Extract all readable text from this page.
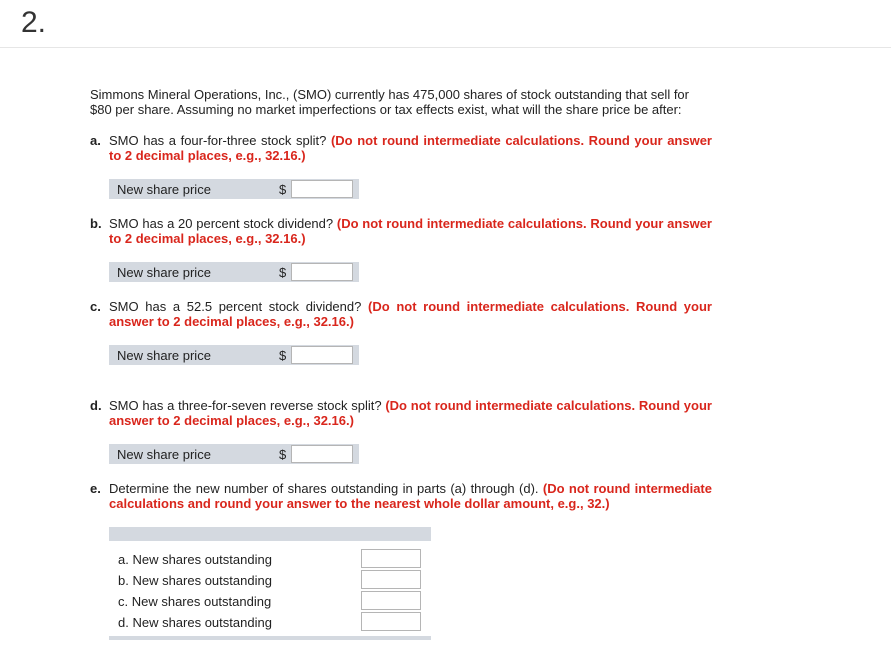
2.
Simmons Mineral Operations, Inc., (SMO) currently has 475,000 shares of stock outstanding that sell for $80 per share. Assuming no market imperfections or tax effects exist, what will the share price be after:
a. SMO has a four-for-three stock split? (Do not round intermediate calculations. Round your answer to 2 decimal places, e.g., 32.16.)
New share price	$
b. SMO has a 20 percent stock dividend? (Do not round intermediate calculations. Round your answer to 2 decimal places, e.g., 32.16.)
New share price	$
c. SMO has a 52.5 percent stock dividend? (Do not round intermediate calculations. Round your answer to 2 decimal places, e.g., 32.16.)
New share price	$
d. SMO has a three-for-seven reverse stock split? (Do not round intermediate calculations. Round your answer to 2 decimal places, e.g., 32.16.)
New share price	$
e. Determine the new number of shares outstanding in parts (a) through (d). (Do not round intermediate calculations and round your answer to the nearest whole dollar amount, e.g., 32.)
a. New shares outstanding
b. New shares outstanding
c. New shares outstanding
d. New shares outstanding
